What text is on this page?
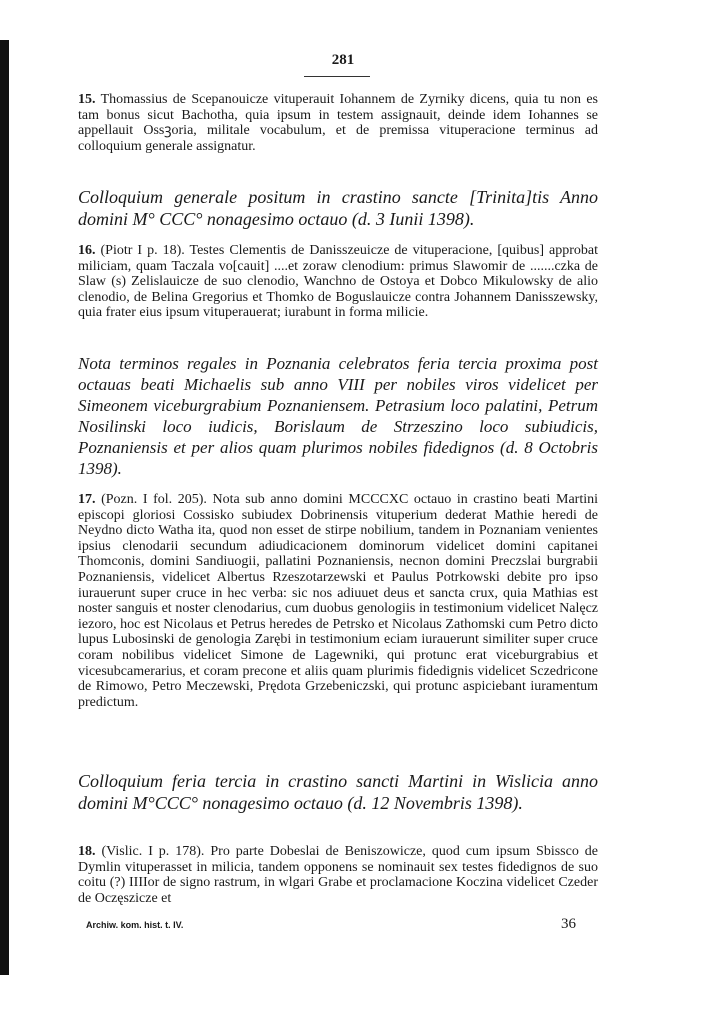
281
15. Thomassius de Scepanouicze vituperauit Iohannem de Zyrniky dicens, quia tu non es tam bonus sicut Bachotha, quia ipsum in testem assignauit, deinde idem Iohannes se appellauit Ossꝫoria, militale vocabulum, et de premissa vituperacione terminus ad colloquium generale assignatur.
Colloquium generale positum in crastino sancte [Trinita]tis Anno domini M° CCC° nonagesimo octauo (d. 3 Iunii 1398).
16. (Piotr I p. 18). Testes Clementis de Danisszeuicze de vituperacione, [quibus] approbat miliciam, quam Taczala vo[cauit] ....et zoraw clenodium: primus Slawomir de .......czka de Slaw (s) Zelislauicze de suo clenodio, Wanchno de Ostoya et Dobco Mikulowsky de alio clenodio, de Belina Gregorius et Thomko de Boguslauicze contra Johannem Danisszewsky, quia frater eius ipsum vituperauerat; iurabunt in forma milicie.
Nota terminos regales in Poznania celebratos feria tercia proxima post octauas beati Michaelis sub anno VIII per nobiles viros videlicet per Simeonem viceburgrabium Poznaniensem. Petrasium loco palatini, Petrum Nosilinski loco iudicis, Borislaum de Strzeszino loco subiudicis, Poznaniensis et per alios quam plurimos nobiles fidedignos (d. 8 Octobris 1398).
17. (Pozn. I fol. 205). Nota sub anno domini MCCCXC octauo in crastino beati Martini episcopi gloriosi Cossisko subiudex Dobrinensis vituperium dederat Mathie heredi de Neydno dicto Watha ita, quod non esset de stirpe nobilium, tandem in Poznaniam venientes ipsius clenodarii secundum adiudicacionem dominorum videlicet domini capitanei Thomconis, domini Sandiuogii, pallatini Poznaniensis, necnon domini Preczslai burgrabii Poznaniensis, videlicet Albertus Rzeszotarzewski et Paulus Potrkowski debite pro ipso iurauerunt super cruce in hec verba: sic nos adiuuet deus et sancta crux, quia Mathias est noster sanguis et noster clenodarius, cum duobus genologiis in testimonium videlicet Nalęcz iezoro, hoc est Nicolaus et Petrus heredes de Petrsko et Nicolaus Zathomski cum Petro dicto lupus Lubosinski de genologia Zarębi in testimonium eciam iurauerunt similiter super cruce coram nobilibus videlicet Simone de Lagewniki, qui protunc erat viceburgrabius et vicesubcamerarius, et coram precone et aliis quam plurimis fidedignis videlicet Sczedricone de Rimowo, Petro Meczewski, Prędota Grzebeniczski, qui protunc aspiciebant iuramentum predictum.
Colloquium feria tercia in crastino sancti Martini in Wislicia anno domini M°CCC° nonagesimo octauo (d. 12 Novembris 1398).
18. (Vislic. I p. 178). Pro parte Dobeslai de Beniszowicze, quod cum ipsum Sbissco de Dymlin vituperasset in milicia, tandem opponens se nominauit sex testes fidedignos de suo coitu (?) IIIIor de signo rastrum, in wlgari Grabe et proclamacione Koczina videlicet Czeder de Oczęszicze et
Archiw. kom. hist. t. IV.	36
